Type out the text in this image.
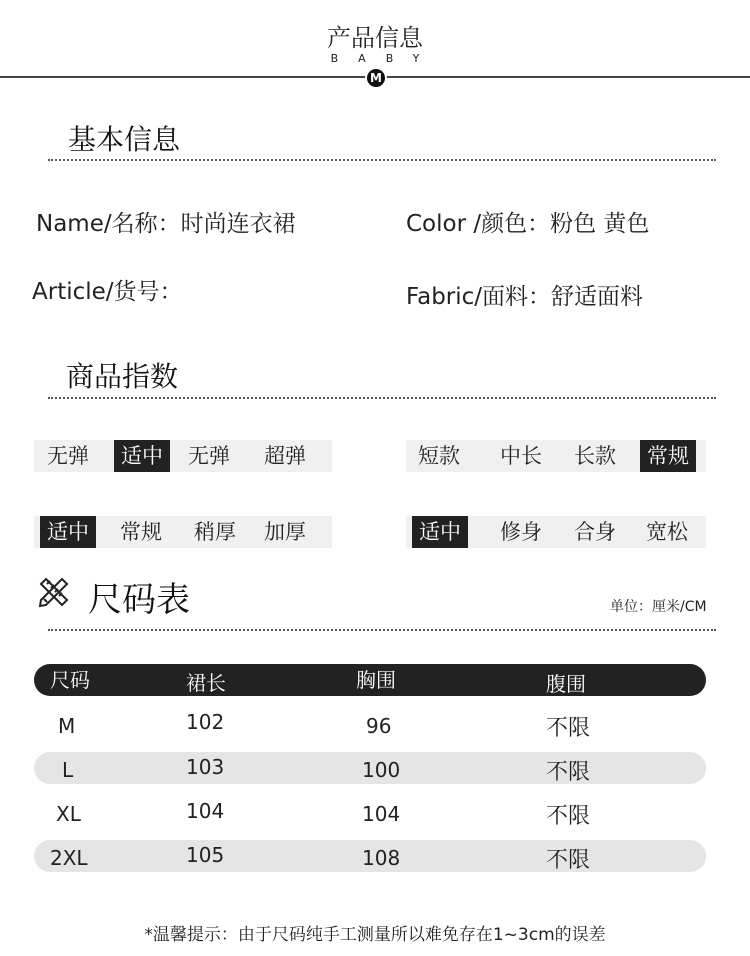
产品信息
BABY
M
基本信息
Name/名称：时尚连衣裙	Color /颜色：粉色 黄色
Article/货号：	Fabric/面料：舒适面料
商品指数
无弹	适中	无弹	超弹	短款	中长	长款	常规
适中	常规	稍厚	加厚	适中	修身	合身	宽松
尺码表	单位：厘米/CM
尺码	裙长	胸围	腹围
M	102	96	不限
L	103	100	不限
XL	104	104	不限
2XL	105	108	不限
*温馨提示：由于尺码纯手工测量所以难免存在1~3cm的误差
